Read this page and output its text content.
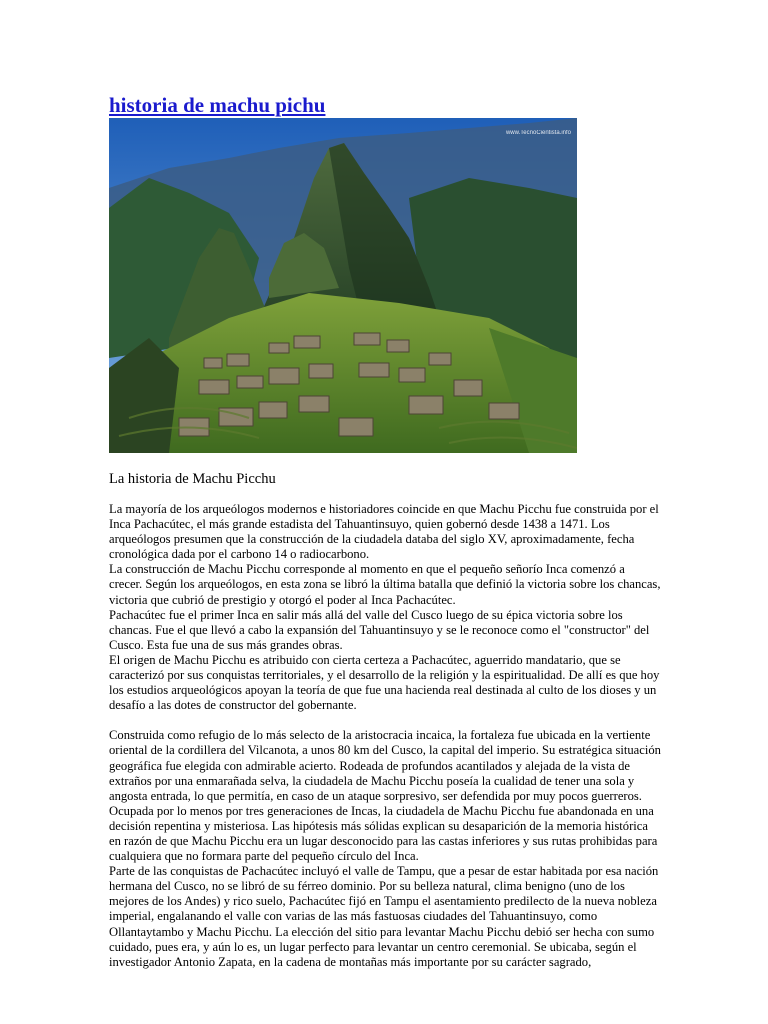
historia de machu pichu
www.TecnoCientista.info
La historia de Machu Picchu

La mayoría de los arqueólogos modernos e historiadores coincide en que Machu Picchu fue construida por el Inca Pachacútec, el más grande estadista del Tahuantinsuyo, quien gobernó desde 1438 a 1471. Los arqueólogos presumen que la construcción de la ciudadela databa del siglo XV, aproximadamente, fecha cronológica dada por el carbono 14 o radiocarbono.

La construcción de Machu Picchu corresponde al momento en que el pequeño señorío Inca comenzó a crecer. Según los arqueólogos, en esta zona se libró la última batalla que definió la victoria sobre los chancas, victoria que cubrió de prestigio y otorgó el poder al Inca Pachacútec.

Pachacútec fue el primer Inca en salir más allá del valle del Cusco luego de su épica victoria sobre los chancas. Fue el que llevó a cabo la expansión del Tahuantinsuyo y se le reconoce como el "constructor" del Cusco. Esta fue una de sus más grandes obras.

El origen de Machu Picchu es atribuido con cierta certeza a Pachacútec, aguerrido mandatario, que se caracterizó por sus conquistas territoriales, y el desarrollo de la religión y la espiritualidad. De allí es que hoy los estudios arqueológicos apoyan la teoría de que fue una hacienda real destinada al culto de los dioses y un desafío a las dotes de constructor del gobernante.

Construida como refugio de lo más selecto de la aristocracia incaica, la fortaleza fue ubicada en la vertiente oriental de la cordillera del Vilcanota, a unos 80 km del Cusco, la capital del imperio. Su estratégica situación geográfica fue elegida con admirable acierto. Rodeada de profundos acantilados y alejada de la vista de extraños por una enmarañada selva, la ciudadela de Machu Picchu poseía la cualidad de tener una sola y angosta entrada, lo que permitía, en caso de un ataque sorpresivo, ser defendida por muy pocos guerreros.

Ocupada por lo menos por tres generaciones de Incas, la ciudadela de Machu Picchu fue abandonada en una decisión repentina y misteriosa. Las hipótesis más sólidas explican su desaparición de la memoria histórica en razón de que Machu Picchu era un lugar desconocido para las castas inferiores y sus rutas prohibidas para cualquiera que no formara parte del pequeño círculo del Inca.

Parte de las conquistas de Pachacútec incluyó el valle de Tampu, que a pesar de estar habitada por esa nación hermana del Cusco, no se libró de su férreo dominio. Por su belleza natural, clima benigno (uno de los mejores de los Andes) y rico suelo, Pachacútec fijó en Tampu el asentamiento predilecto de la nueva nobleza imperial, engalanando el valle con varias de las más fastuosas ciudades del Tahuantinsuyo, como Ollantaytambo y Machu Picchu. La elección del sitio para levantar Machu Picchu debió ser hecha con sumo cuidado, pues era, y aún lo es, un lugar perfecto para levantar un centro ceremonial. Se ubicaba, según el investigador Antonio Zapata, en la cadena de montañas más importante por su carácter sagrado,
